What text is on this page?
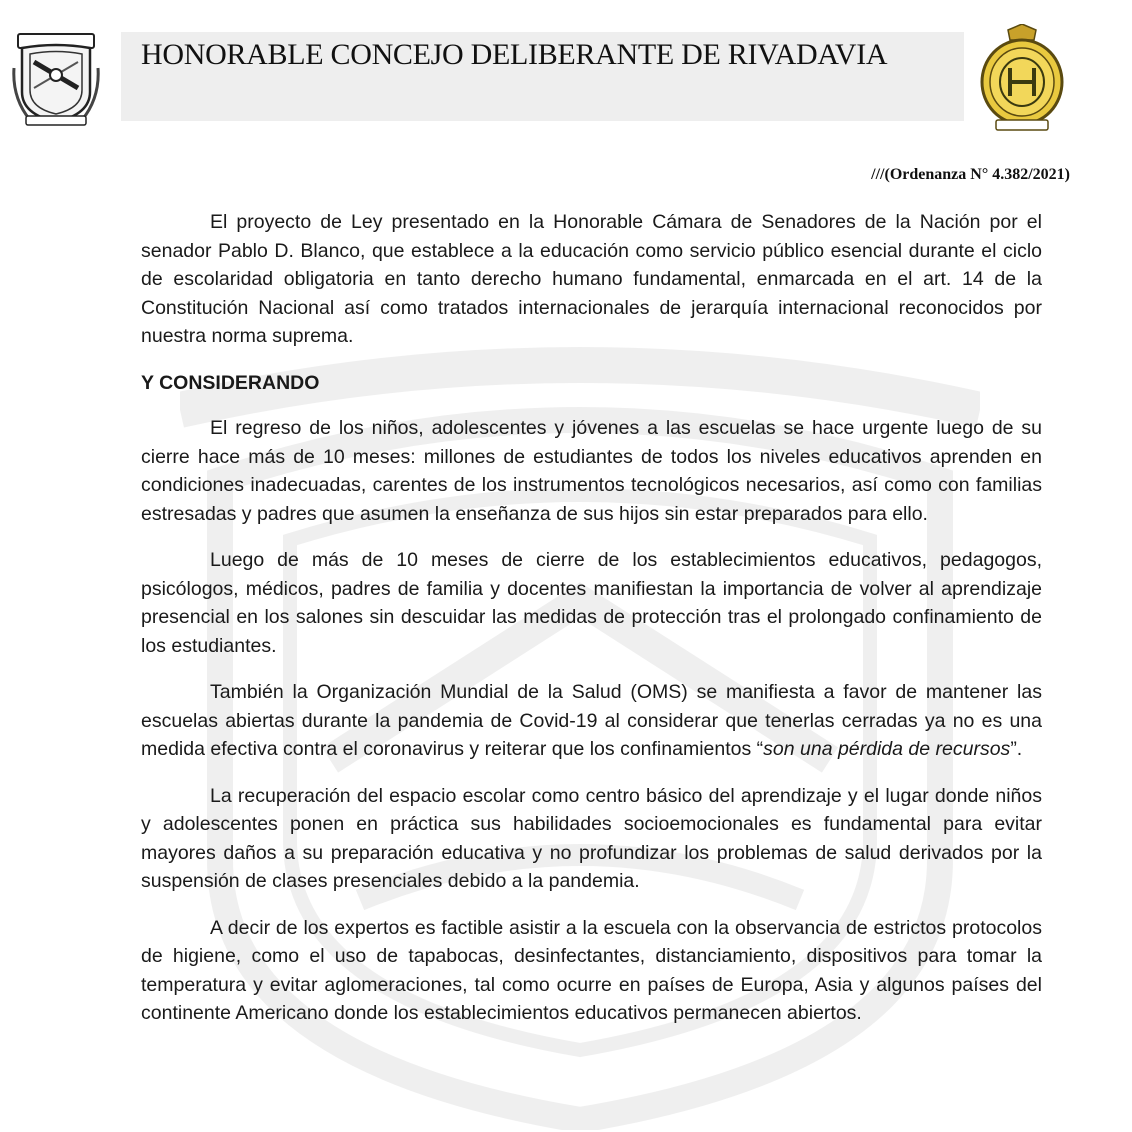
HONORABLE CONCEJO DELIBERANTE DE RIVADAVIA
///(Ordenanza N° 4.382/2021)

El proyecto de Ley presentado en la Honorable Cámara de Senadores de la Nación por el senador Pablo D. Blanco, que establece a la educación como servicio público esencial durante el ciclo de escolaridad obligatoria en tanto derecho humano fundamental, enmarcada en el art. 14 de la Constitución Nacional así como tratados internacionales de jerarquía internacional reconocidos por nuestra norma suprema.

Y CONSIDERANDO

El regreso de los niños, adolescentes y jóvenes a las escuelas se hace urgente luego de su cierre hace más de 10 meses: millones de estudiantes de todos los niveles educativos aprenden en condiciones inadecuadas, carentes de los instrumentos tecnológicos necesarios, así como con familias estresadas y padres que asumen la enseñanza de sus hijos sin estar preparados para ello.

Luego de más de 10 meses de cierre de los establecimientos educativos, pedagogos, psicólogos, médicos, padres de familia y docentes manifiestan la importancia de volver al aprendizaje presencial en los salones sin descuidar las medidas de protección tras el prolongado confinamiento de los estudiantes.

También la Organización Mundial de la Salud (OMS) se manifiesta a favor de mantener las escuelas abiertas durante la pandemia de Covid-19 al considerar que tenerlas cerradas ya no es una medida efectiva contra el coronavirus y reiterar que los confinamientos “son una pérdida de recursos”.

La recuperación del espacio escolar como centro básico del aprendizaje y el lugar donde niños y adolescentes ponen en práctica sus habilidades socioemocionales es fundamental para evitar mayores daños a su preparación educativa y no profundizar los problemas de salud derivados por la suspensión de clases presenciales debido a la pandemia.

A decir de los expertos es factible asistir a la escuela con la observancia de estrictos protocolos de higiene, como el uso de tapabocas, desinfectantes, distanciamiento, dispositivos para tomar la temperatura y evitar aglomeraciones, tal como ocurre en países de Europa, Asia y algunos países del continente Americano donde los establecimientos educativos permanecen abiertos.
